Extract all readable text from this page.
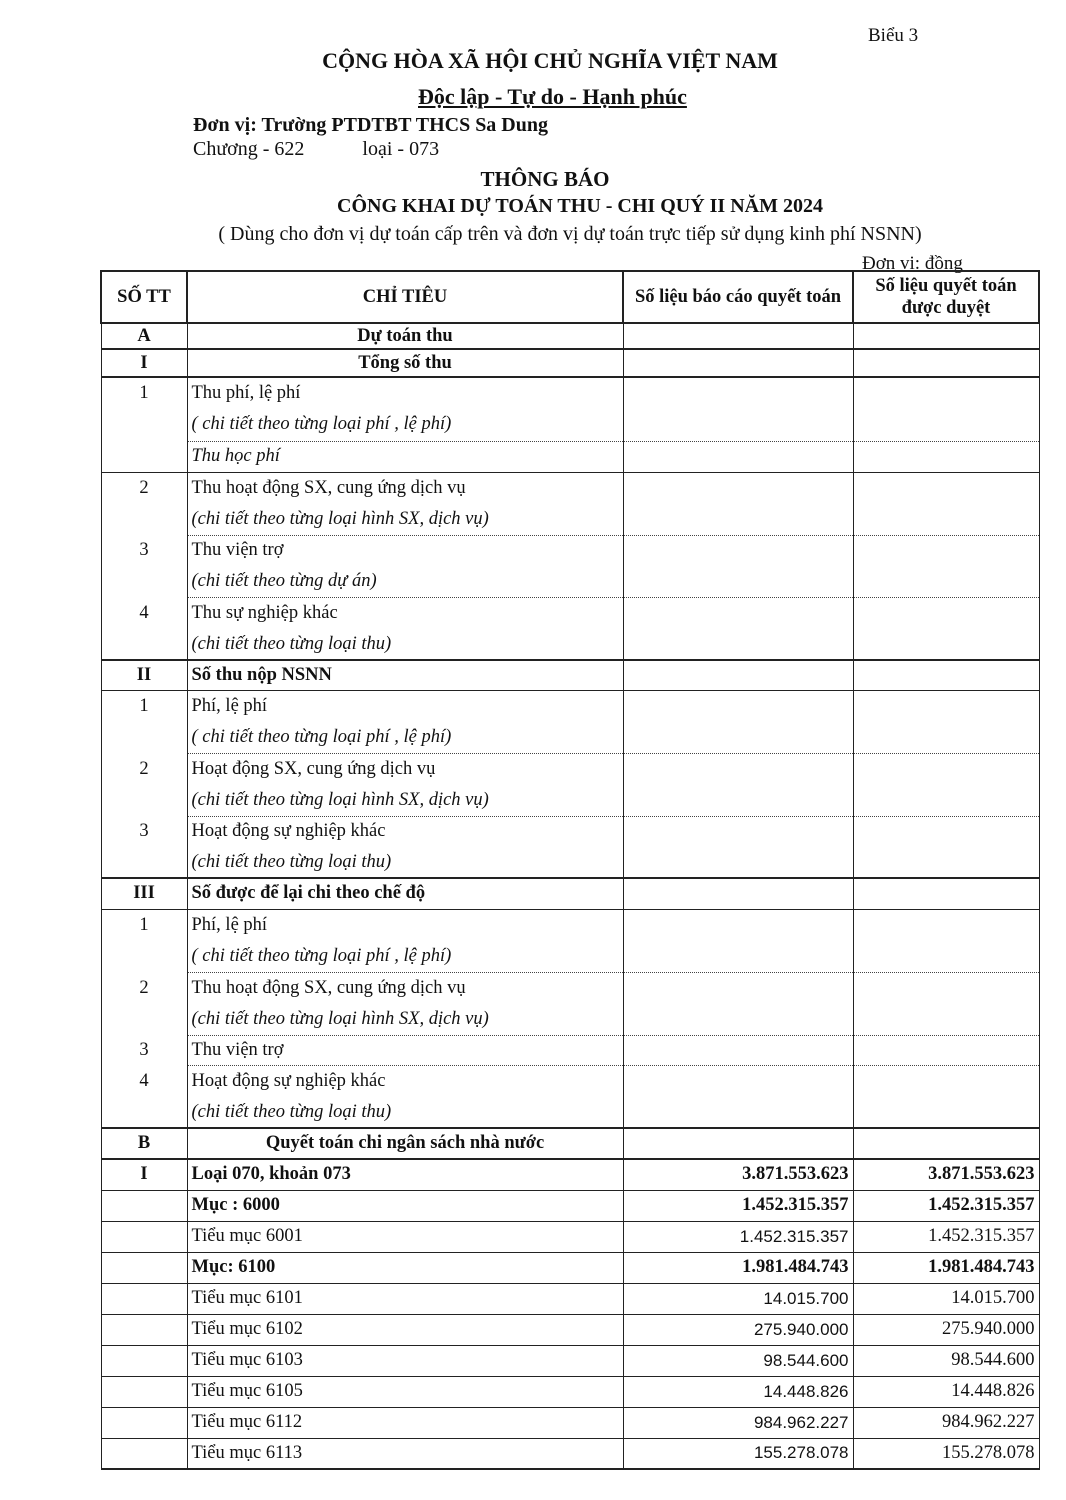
Biểu 3
CỘNG HÒA XÃ HỘI CHỦ NGHĨA VIỆT NAM
Độc lập - Tự do - Hạnh phúc
Đơn vị: Trường PTDTBT THCS Sa Dung
Chương - 622	loại - 073
THÔNG BÁO
CÔNG KHAI DỰ TOÁN THU - CHI QUÝ II NĂM 2024
( Dùng cho đơn vị dự toán cấp trên và đơn vị dự toán trực tiếp sử dụng kinh phí NSNN)
Đơn vị: đồng
SỐ TT	CHỈ TIÊU	Số liệu báo cáo quyết toán	Số liệu quyết toán được duyệt
A	Dự toán thu		
I	Tổng số thu		
1	Thu phí, lệ phí		
	( chi tiết theo từng loại phí , lệ phí)		
	Thu học phí		
2	Thu hoạt động SX, cung ứng dịch vụ		
	(chi tiết theo từng loại hình SX, dịch vụ)		
3	Thu viện trợ		
	(chi tiết theo từng dự án)		
4	Thu sự nghiệp khác		
	(chi tiết theo từng loại thu)		
II	Số thu nộp NSNN		
1	Phí, lệ phí		
	( chi tiết theo từng loại phí , lệ phí)		
2	Hoạt động SX, cung ứng dịch vụ		
	(chi tiết theo từng loại hình SX, dịch vụ)		
3	Hoạt động sự nghiệp khác		
	(chi tiết theo từng loại thu)		
III	Số được để lại chi theo chế độ		
1	Phí, lệ phí		
	( chi tiết theo từng loại phí , lệ phí)		
2	Thu hoạt động SX, cung ứng dịch vụ		
	(chi tiết theo từng loại hình SX, dịch vụ)		
3	Thu viện trợ		
4	Hoạt động sự nghiệp khác		
	(chi tiết theo từng loại thu)		
B	Quyết toán chi ngân sách nhà nước		
I	Loại 070, khoản 073	3.871.553.623	3.871.553.623
	Mục : 6000	1.452.315.357	1.452.315.357
	Tiểu mục 6001	1.452.315.357	1.452.315.357
	Mục: 6100	1.981.484.743	1.981.484.743
	Tiểu mục 6101	14.015.700	14.015.700
	Tiểu mục 6102	275.940.000	275.940.000
	Tiểu mục 6103	98.544.600	98.544.600
	Tiểu mục 6105	14.448.826	14.448.826
	Tiểu mục 6112	984.962.227	984.962.227
	Tiểu mục 6113	155.278.078	155.278.078
